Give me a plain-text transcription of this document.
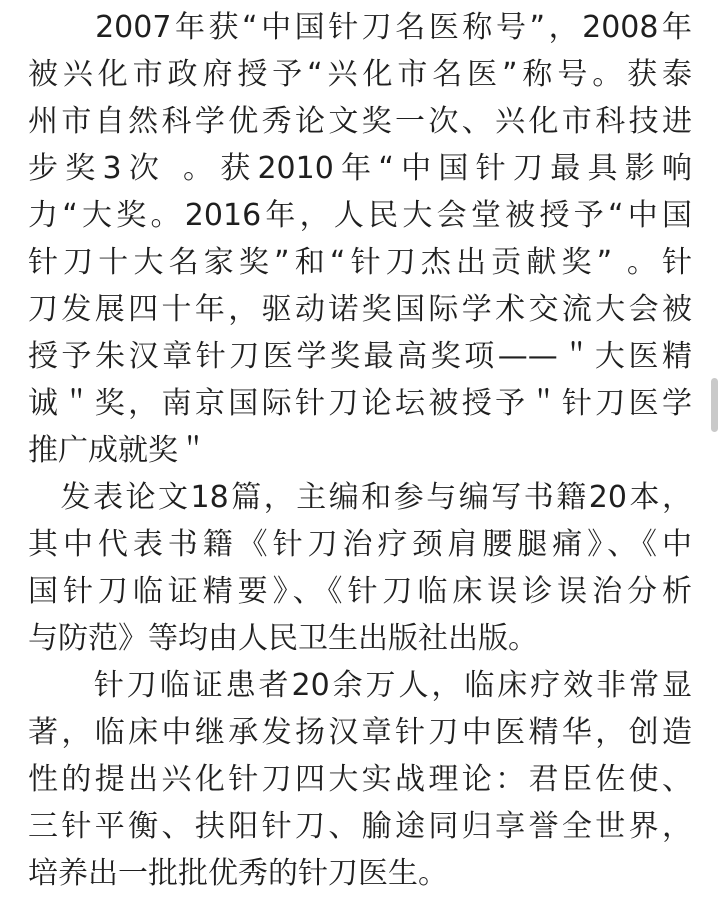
　　2007年获“中国针刀名医称号”，2008年
被兴化市政府授予“兴化市名医”称号。获泰
州市自然科学优秀论文奖一次、兴化市科技进
步奖3次 。获2010年“中国针刀最具影响
力“大奖。2016年，人民大会堂被授予“中国
针刀十大名家奖”和“针刀杰出贡献奖” 。针
刀发展四十年，驱动诺奖国际学术交流大会被
授予朱汉章针刀医学奖最高奖项——＂大医精
诚＂奖，南京国际针刀论坛被授予＂针刀医学
推广成就奖＂
　发表论文18篇，主编和参与编写书籍20本，
其中代表书籍《针刀治疗颈肩腰腿痛》、《中
国针刀临证精要》、《针刀临床误诊误治分析
与防范》等均由人民卫生出版社出版。
　　针刀临证患者20余万人，临床疗效非常显
著，临床中继承发扬汉章针刀中医精华，创造
性的提出兴化针刀四大实战理论：君臣佐使、
三针平衡、扶阳针刀、腧途同归享誉全世界，
培养出一批批优秀的针刀医生。
